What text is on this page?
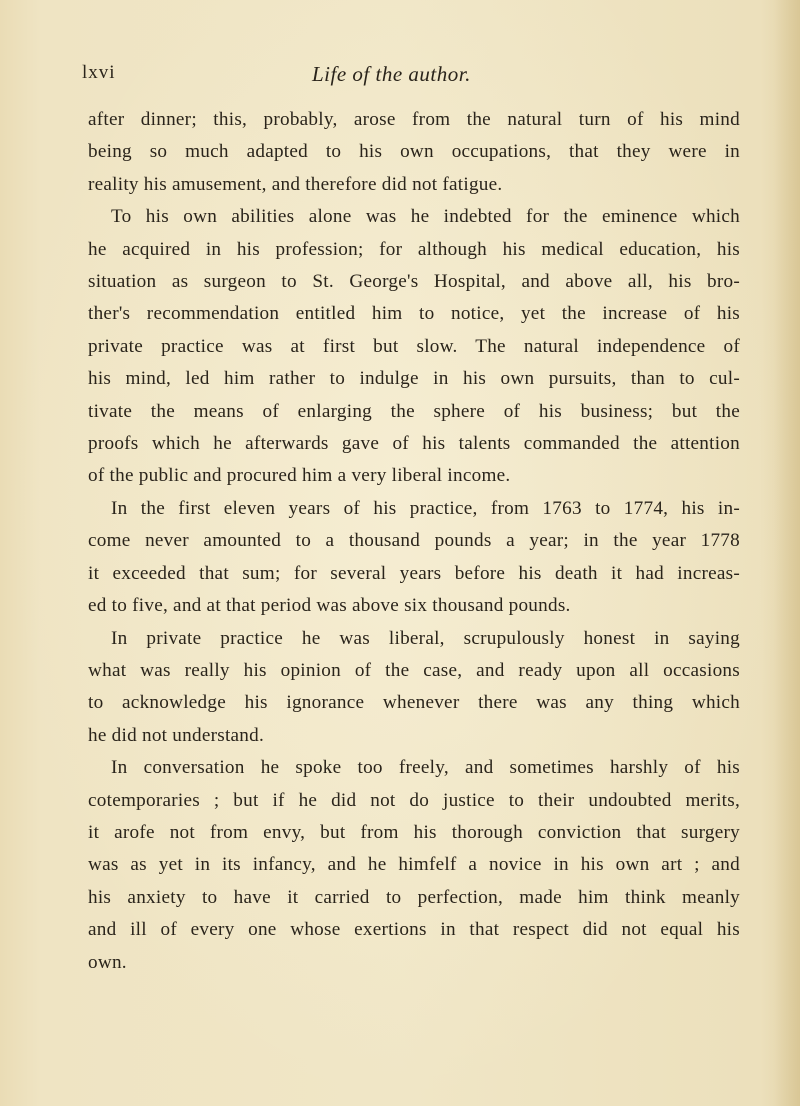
lxvi	Life of the author.
after dinner; this, probably, arose from the natural turn of his mind
being so much adapted to his own occupations, that they were in
reality his amusement, and therefore did not fatigue.
To his own abilities alone was he indebted for the eminence which
he acquired in his profession; for although his medical education, his
situation as surgeon to St. George's Hospital, and above all, his bro-
ther's recommendation entitled him to notice, yet the increase of his
private practice was at first but slow. The natural independence of
his mind, led him rather to indulge in his own pursuits, than to cul-
tivate the means of enlarging the sphere of his business; but the
proofs which he afterwards gave of his talents commanded the attention
of the public and procured him a very liberal income.
In the first eleven years of his practice, from 1763 to 1774, his in-
come never amounted to a thousand pounds a year; in the year 1778
it exceeded that sum; for several years before his death it had increas-
ed to five, and at that period was above six thousand pounds.
In private practice he was liberal, scrupulously honest in saying
what was really his opinion of the case, and ready upon all occasions
to acknowledge his ignorance whenever there was any thing which
he did not understand.
In conversation he spoke too freely, and sometimes harshly of his
cotemporaries ; but if he did not do justice to their undoubted merits,
it arofe not from envy, but from his thorough conviction that surgery
was as yet in its infancy, and he himfelf a novice in his own art ; and
his anxiety to have it carried to perfection, made him think meanly
and ill of every one whose exertions in that respect did not equal his
own.
